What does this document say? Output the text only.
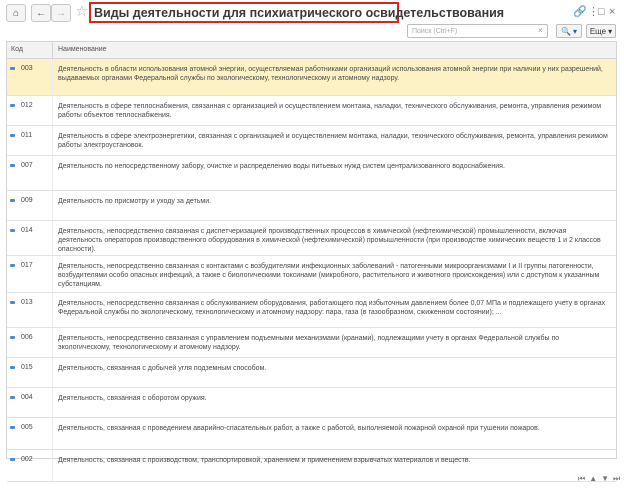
⌂ ← → ☆ Виды деятельности для психиатрического освидетельствования	🔗 ⋮ □ ×
Поиск (Ctrl+F)
× 🔍 ▾ Еще ▾
Код	Наименование
003	Деятельность в области использования атомной энергии, осуществляемая работниками организаций использования атомной энергии при наличии у них разрешений, выдаваемых органами Федеральной службы по экологическому, технологическому и атомному надзору.
012	Деятельность в сфере теплоснабжения, связанная с организацией и осуществлением монтажа, наладки, технического обслуживания, ремонта, управления режимом работы объектов теплоснабжения.
011	Деятельность в сфере электроэнергетики, связанная с организацией и осуществлением монтажа, наладки, технического обслуживания, ремонта, управления режимом работы электроустановок.
007	Деятельность по непосредственному забору, очистке и распределению воды питьевых нужд систем централизованного водоснабжения.
009	Деятельность по присмотру и уходу за детьми.
014	Деятельность, непосредственно связанная с диспетчеризацией производственных процессов в химической (нефтехимической) промышленности, включая деятельность операторов производственного оборудования в химической (нефтехимической) промышленности (при производстве химических веществ 1 и 2 классов опасности).
017	Деятельность, непосредственно связанная с контактами с возбудителями инфекционных заболеваний - патогенными микроорганизмами I и II группы патогенности, возбудителями особо опасных инфекций, а также с биологическими токсинами (микробного, растительного и животного происхождения) или с доступом к указанным субстанциям.
013	Деятельность, непосредственно связанная с обслуживанием оборудования, работающего под избыточным давлением более 0,07 МПа и подлежащего учету в органах Федеральной службы по экологическому, технологическому и атомному надзору: пара, газа (в газообразном, сжиженном состоянии); ...
006	Деятельность, непосредственно связанная с управлением подъемными механизмами (кранами), подлежащими учету в органах Федеральной службы по экологическому, технологическому и атомному надзору.
015	Деятельность, связанная с добычей угля подземным способом.
004	Деятельность, связанная с оборотом оружия.
005	Деятельность, связанная с проведением аварийно-спасательных работ, а также с работой, выполняемой пожарной охраной при тушении пожаров.
002	Деятельность, связанная с производством, транспортировкой, хранением и применением взрывчатых материалов и веществ.
⏮ ▲ ▼ ⏭
